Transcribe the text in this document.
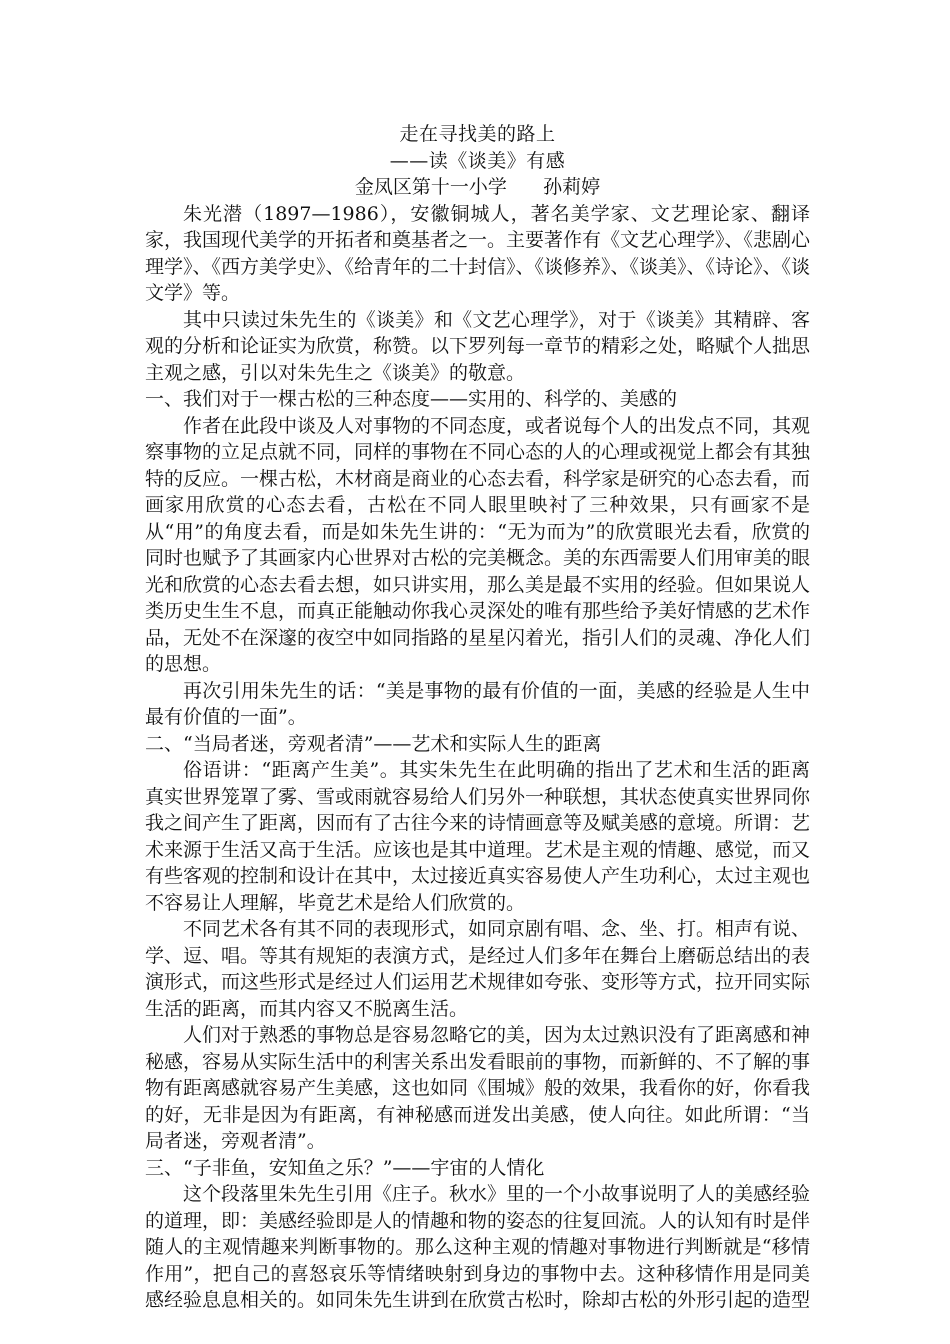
走在寻找美的路上
——读《谈美》有感
金凤区第十一小学      孙莉婷

朱光潜（1897—1986），安徽铜城人，著名美学家、文艺理论家、翻译家，我国现代美学的开拓者和奠基者之一。主要著作有《文艺心理学》、《悲剧心理学》、《西方美学史》、《给青年的二十封信》、《谈修养》、《谈美》、《诗论》、《谈文学》等。

其中只读过朱先生的《谈美》和《文艺心理学》，对于《谈美》其精辟、客观的分析和论证实为欣赏，称赞。以下罗列每一章节的精彩之处，略赋个人拙思主观之感，引以对朱先生之《谈美》的敬意。

一、我们对于一棵古松的三种态度——实用的、科学的、美感的

作者在此段中谈及人对事物的不同态度，或者说每个人的出发点不同，其观察事物的立足点就不同，同样的事物在不同心态的人的心理或视觉上都会有其独特的反应。一棵古松，木材商是商业的心态去看，科学家是研究的心态去看，而画家用欣赏的心态去看，古松在不同人眼里映衬了三种效果，只有画家不是从“用”的角度去看，而是如朱先生讲的：“无为而为”的欣赏眼光去看，欣赏的同时也赋予了其画家内心世界对古松的完美概念。美的东西需要人们用审美的眼光和欣赏的心态去看去想，如只讲实用，那么美是最不实用的经验。但如果说人类历史生生不息，而真正能触动你我心灵深处的唯有那些给予美好情感的艺术作品，无处不在深邃的夜空中如同指路的星星闪着光，指引人们的灵魂、净化人们的思想。

再次引用朱先生的话：“美是事物的最有价值的一面，美感的经验是人生中最有价值的一面”。

二、“当局者迷，旁观者清”——艺术和实际人生的距离

俗语讲：“距离产生美”。其实朱先生在此明确的指出了艺术和生活的距离真实世界笼罩了雾、雪或雨就容易给人们另外一种联想，其状态使真实世界同你我之间产生了距离，因而有了古往今来的诗情画意等及赋美感的意境。所谓：艺术来源于生活又高于生活。应该也是其中道理。艺术是主观的情趣、感觉，而又有些客观的控制和设计在其中，太过接近真实容易使人产生功利心，太过主观也不容易让人理解，毕竟艺术是给人们欣赏的。

不同艺术各有其不同的表现形式，如同京剧有唱、念、坐、打。相声有说、学、逗、唱。等其有规矩的表演方式，是经过人们多年在舞台上磨砺总结出的表演形式，而这些形式是经过人们运用艺术规律如夸张、变形等方式，拉开同实际生活的距离，而其内容又不脱离生活。

人们对于熟悉的事物总是容易忽略它的美，因为太过熟识没有了距离感和神秘感，容易从实际生活中的利害关系出发看眼前的事物，而新鲜的、不了解的事物有距离感就容易产生美感，这也如同《围城》般的效果，我看你的好，你看我的好，无非是因为有距离，有神秘感而迸发出美感，使人向往。如此所谓：“当局者迷，旁观者清”。

三、“子非鱼，安知鱼之乐？”——宇宙的人情化

这个段落里朱先生引用《庄子。秋水》里的一个小故事说明了人的美感经验的道理，即：美感经验即是人的情趣和物的姿态的往复回流。人的认知有时是伴随人的主观情趣来判断事物的。那么这种主观的情趣对事物进行判断就是“移情作用”，把自己的喜怒哀乐等情绪映射到身边的事物中去。这种移情作用是同美感经验息息相关的。如同朱先生讲到在欣赏古松时，除却古松的外形引起的造型
